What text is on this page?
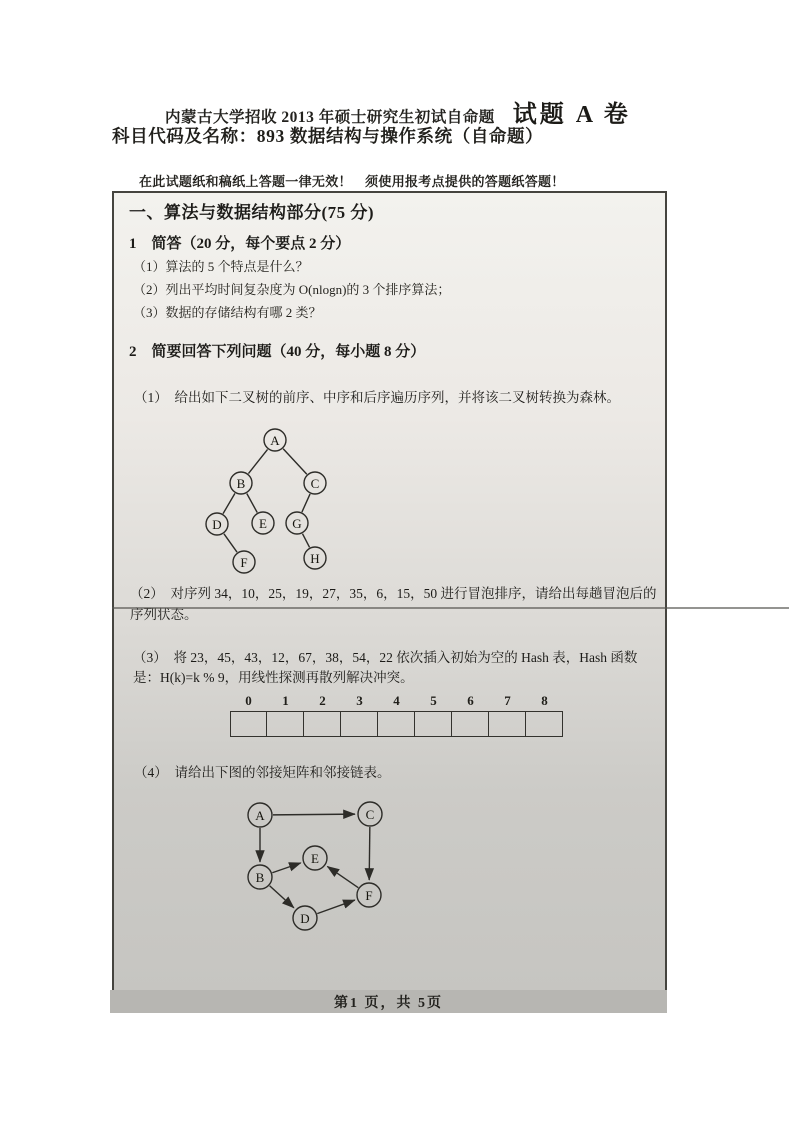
内蒙古大学招收 2013 年硕士研究生初试自命题 试题 A 卷
科目代码及名称：893 数据结构与操作系统（自命题）
在此试题纸和稿纸上答题一律无效！　须使用报考点提供的答题纸答题！
一、算法与数据结构部分(75 分)
1　简答（20 分，每个要点 2 分）
（1）算法的 5 个特点是什么？
（2）列出平均时间复杂度为 O(nlogn)的 3 个排序算法；
（3）数据的存储结构有哪 2 类？
2　简要回答下列问题（40 分，每小题 8 分）
（1）　给出如下二叉树的前序、中序和后序遍历序列，并将该二叉树转换为森林。
（2）　对序列 34，10，25，19，27，35，6，15，50 进行冒泡排序，请给出每趟冒泡后的序列状态。
（3）　将 23，45，43，12，67，38，54，22 依次插入初始为空的 Hash 表，Hash 函数是：H(k)=k % 9，用线性探测再散列解决冲突。
0	1	2	3	4	5	6	7	8
（4）　请给出下图的邻接矩阵和邻接链表。
A
B	C
D	E G
F	H
A	C
E
B
F
D
第1 页，共 5页
